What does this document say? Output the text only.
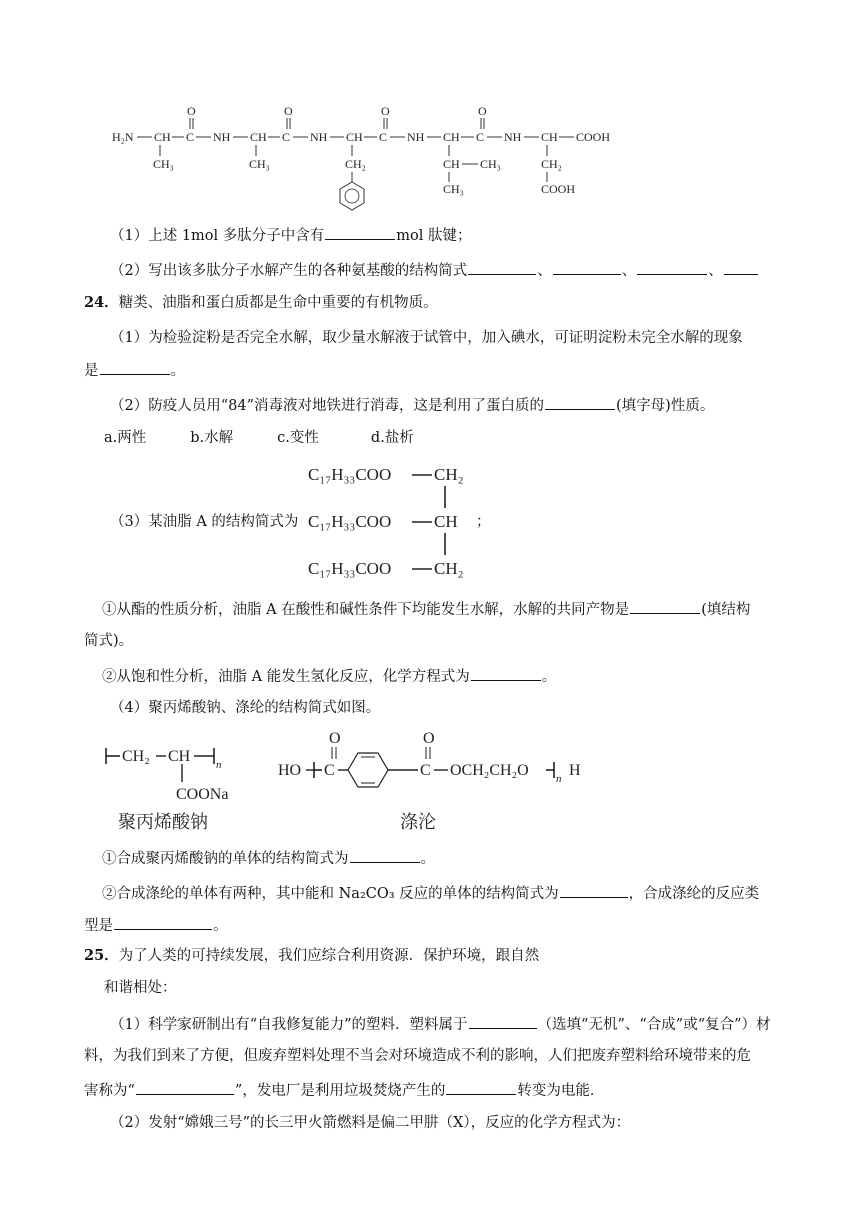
H₂N CH C
O
NH CH C
O
NH CH C
O
NH CH C
O
NH CH COOH
CH₃	CH₃	CH₂	CH CH₃
CH₃
CH₂
COOH
（1）上述 1mol 多肽分子中含有	mol 肽键；
（2）写出该多肽分子水解产生的各种氨基酸的结构简式	、	、	、
24．糖类、油脂和蛋白质都是生命中重要的有机物质。
（1）为检验淀粉是否完全水解，取少量水解液于试管中，加入碘水，可证明淀粉未完全水解的现象
是	。
（2）防疫人员用“84”消毒液对地铁进行消毒，这是利用了蛋白质的	(填字母)性质。
a.两性	b.水解	c.变性	d.盐析
（3）某油脂 A 的结构简式为
C₁₇H₃₃COO	CH₂
C₁₇H₃₃COO	CH
C₁₇H₃₃COO	CH₂
；
①从酯的性质分析，油脂 A 在酸性和碱性条件下均能发生水解，水解的共同产物是	(填结构
简式)。
②从饱和性分析，油脂 A 能发生氢化反应，化学方程式为	。
（4）聚丙烯酸钠、涤纶的结构简式如图。
CH₂ CH n
COONa
聚丙烯酸钠
HO C
O
C
O
OCH₂CH₂O n H
涤沦
①合成聚丙烯酸钠的单体的结构简式为	。
②合成涤纶的单体有两种，其中能和 Na₂CO₃ 反应的单体的结构简式为	，合成涤纶的反应类
型是	。
25．为了人类的可持续发展，我们应综合利用资源．保护环境，跟自然
和谐相处：
（1）科学家研制出有“自我修复能力”的塑料．塑料属于	（选填“无机”、“合成”或“复合”）材
料，为我们到来了方便，但废弃塑料处理不当会对环境造成不利的影响，人们把废弃塑料给环境带来的危
害称为“	”，发电厂是利用垃圾焚烧产生的	转变为电能．
（2）发射“嫦娥三号”的长三甲火箭燃料是偏二甲肼（X），反应的化学方程式为：
